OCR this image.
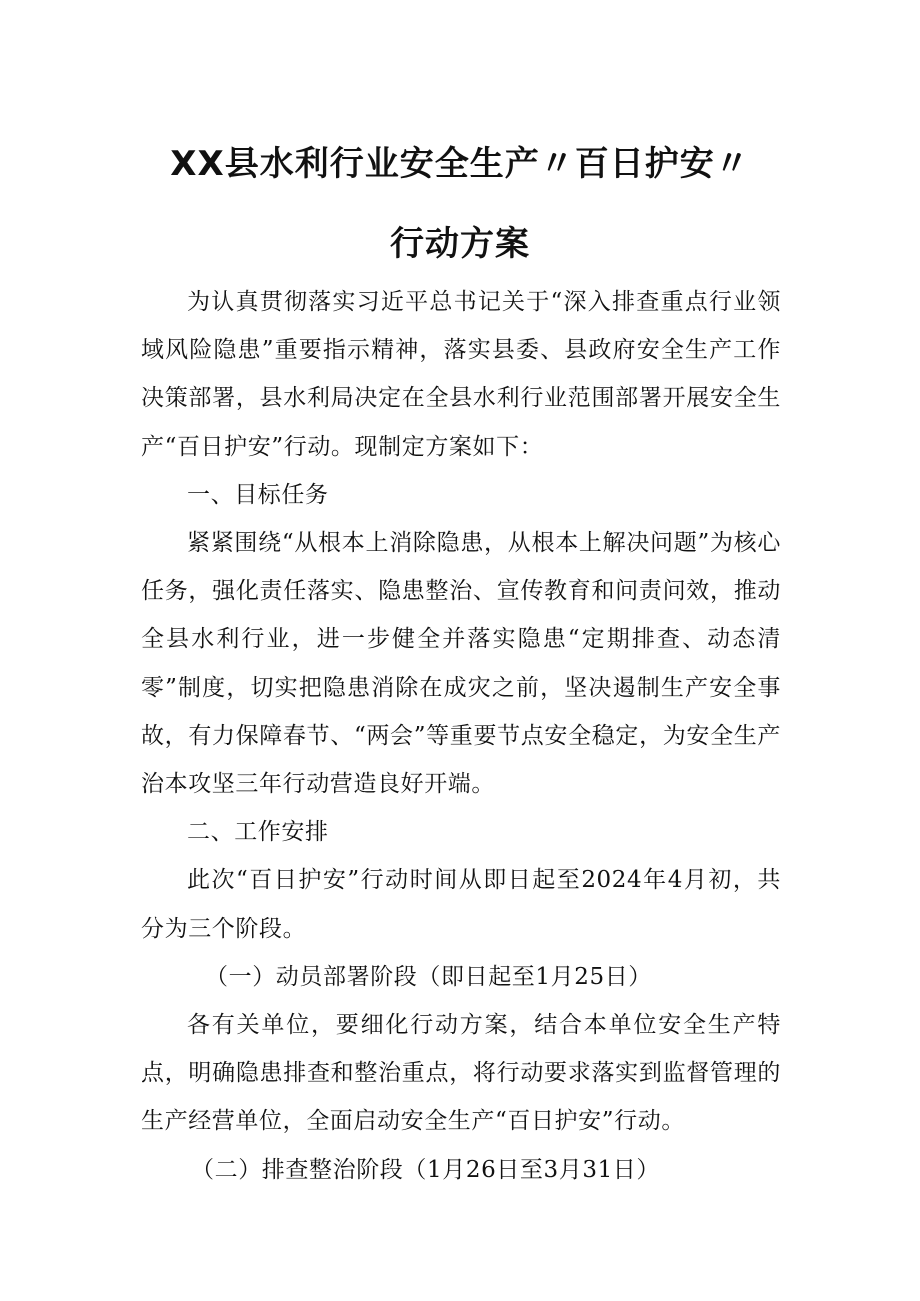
XX县水利行业安全生产〃百日护安〃
行动方案

为认真贯彻落实习近平总书记关于“深入排查重点行业领域风险隐患”重要指示精神，落实县委、县政府安全生产工作决策部署，县水利局决定在全县水利行业范围部署开展安全生产“百日护安”行动。现制定方案如下：

一、目标任务

紧紧围绕“从根本上消除隐患，从根本上解决问题”为核心任务，强化责任落实、隐患整治、宣传教育和问责问效，推动全县水利行业，进一步健全并落实隐患“定期排查、动态清零”制度，切实把隐患消除在成灾之前，坚决遏制生产安全事故，有力保障春节、“两会”等重要节点安全稳定，为安全生产治本攻坚三年行动营造良好开端。

二、工作安排

此次“百日护安”行动时间从即日起至2024年4月初，共分为三个阶段。

（一）动员部署阶段（即日起至1月25日）

各有关单位，要细化行动方案，结合本单位安全生产特点，明确隐患排查和整治重点，将行动要求落实到监督管理的生产经营单位，全面启动安全生产“百日护安”行动。

（二）排查整治阶段（1月26日至3月31日）
